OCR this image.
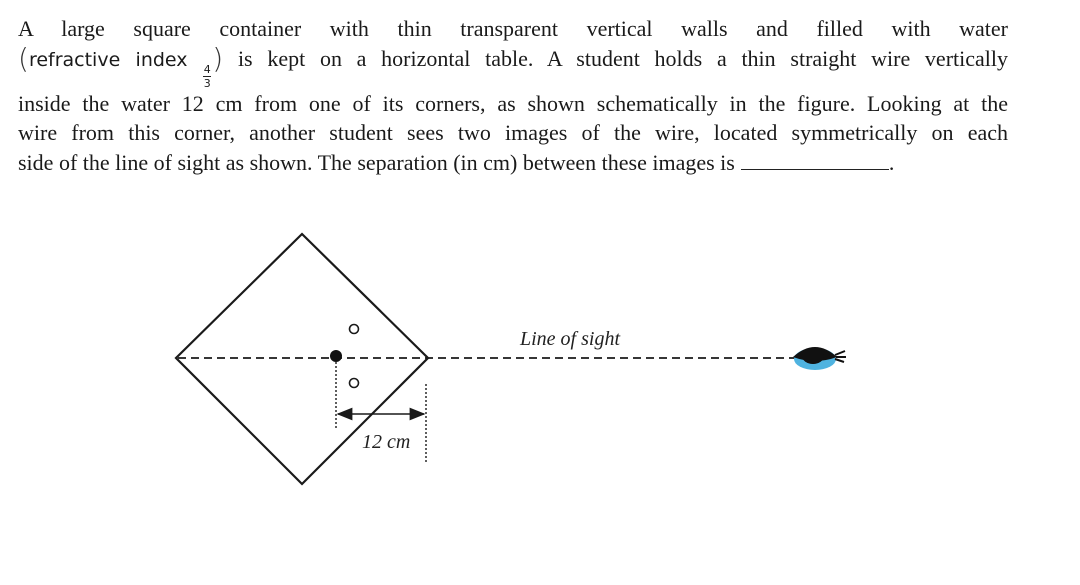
A large square container with thin transparent vertical walls and filled with water
(refractive index
$\frac{4}{3}$
) is kept on a horizontal table. A student holds a thin straight wire vertically
inside the water 12 cm from one of its corners, as shown schematically in the figure. Looking at the
wire from this corner, another student sees two images of the wire, located symmetrically on each
side of the line of sight as shown. The separation (in cm) between these images is	.
12 cm
Line of sight
